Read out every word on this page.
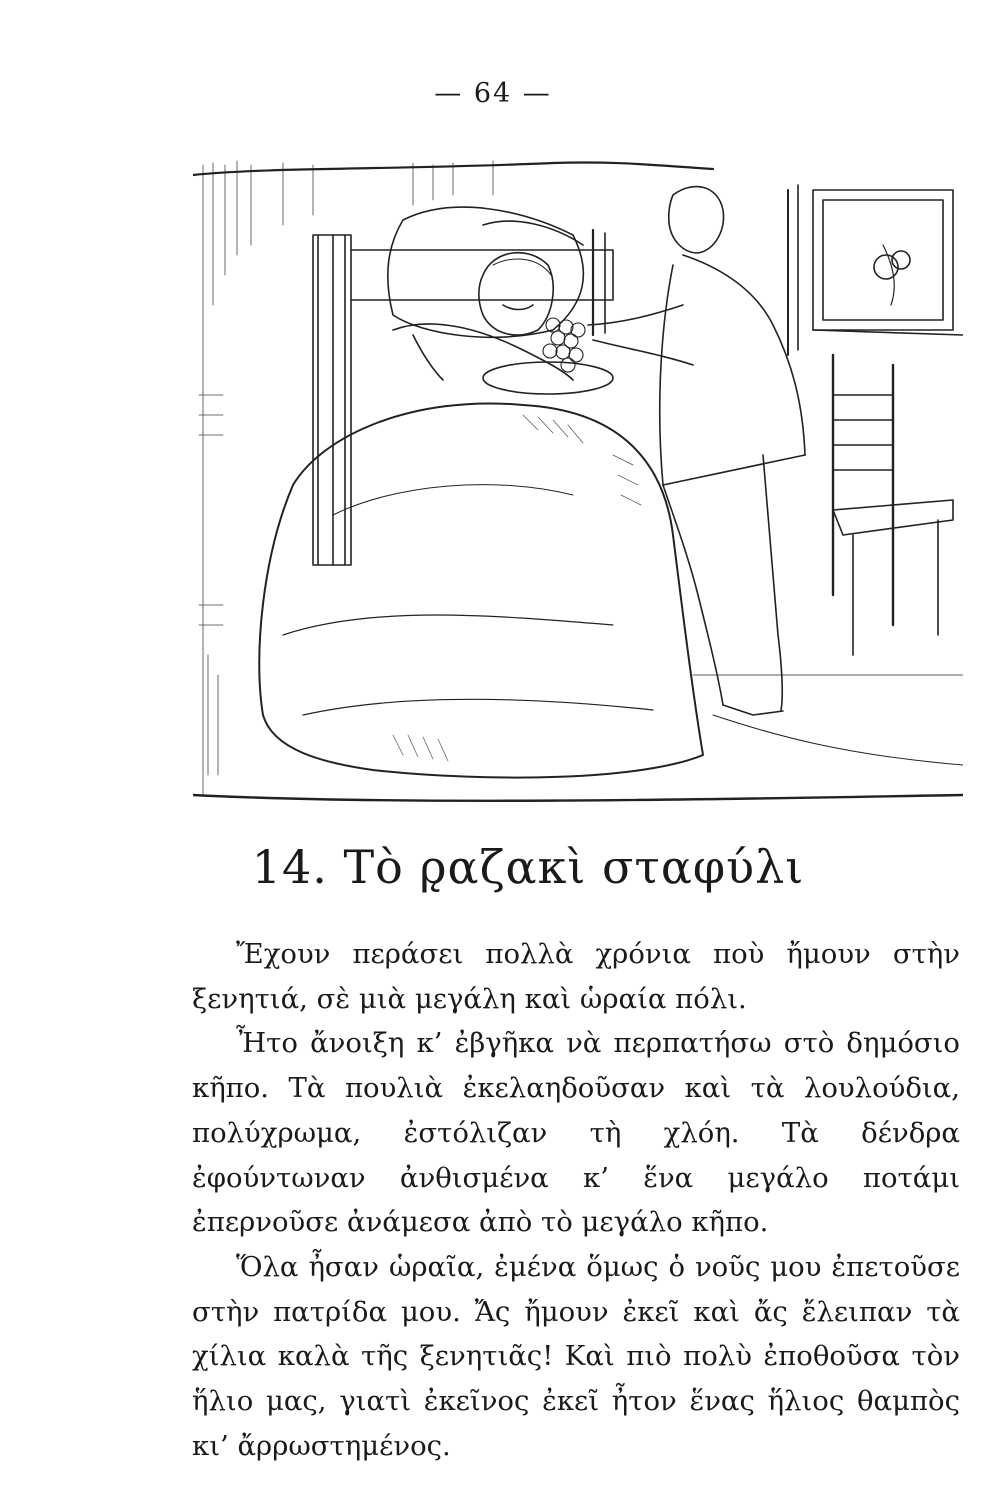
— 64 —
14. Τὸ ρ̨αζακὶ σταφύλι

Ἔχουν περάσει πολλὰ χρόνια ποὺ ἤμουν στὴν ξενητιά, σὲ μιὰ μεγάλη καὶ ὡραία πόλι.

Ἦτο ἄνοιξη κ’ ἐβγῆκα νὰ περπατήσω στὸ δημόσιο κῆπο. Τὰ πουλιὰ ἐκελαηδοῦσαν καὶ τὰ λουλούδια, πολύχρωμα, ἐστόλιζαν τὴ χλόη. Τὰ δένδρα ἐφούντωναν ἀνθισμένα κ’ ἕνα μεγάλο ποτάμι ἐπερνοῦσε ἀνάμεσα ἀπὸ τὸ μεγάλο κῆπο.

Ὅλα ἦσαν ὡραῖα, ἐμένα ὅμως ὁ νοῦς μου ἐπετοῦσε στὴν πατρίδα μου. Ἄς ἤμουν ἐκεῖ καὶ ἄς ἔλειπαν τὰ χίλια καλὰ τῆς ξενητιᾶς! Καὶ πιὸ πολὺ ἐποθοῦσα τὸν ἥλιο μας, γιατὶ ἐκεῖνος ἐκεῖ ἦτον ἕνας ἥλιος θαμπὸς κι’ ἄρρωστημένος.
